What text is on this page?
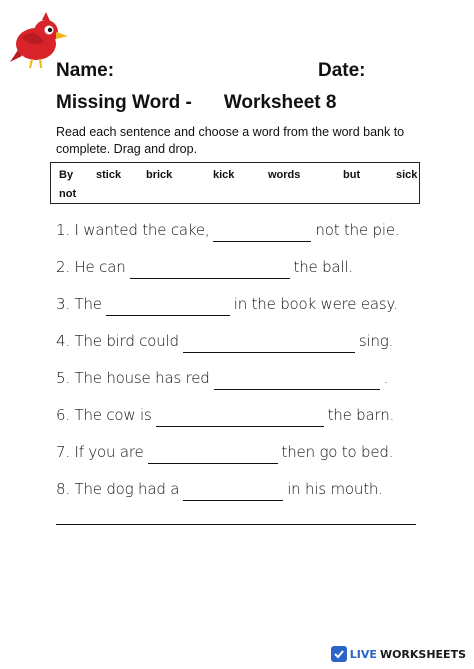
Name:	Date:
Missing Word - Worksheet 8
Read each sentence and choose a word from the word bank to complete. Drag and drop.
By stick brick	kick	words	but	sick
not
1. I wanted the cake,	not the pie.
2. He can	the ball.
3. The	in the book were easy.
4. The bird could	sing.
5. The house has red	.
6. The cow is	the barn.
7. If you are	then go to bed.
8. The dog had a	in his mouth.
LIVE WORKSHEETS
